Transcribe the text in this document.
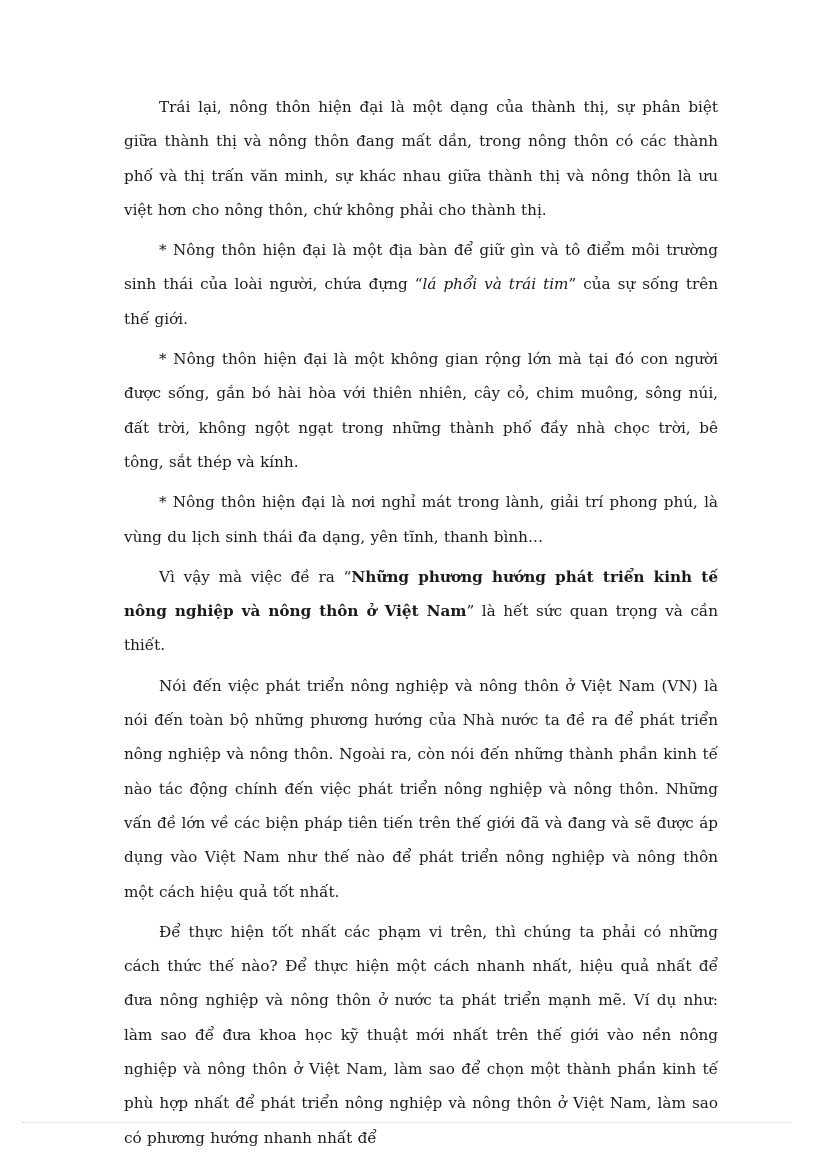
Trái lại, nông thôn hiện đại là một dạng của thành thị, sự phân biệt giữa thành thị và nông thôn đang mất dần, trong nông thôn có các thành phố và thị trấn văn minh, sự khác nhau giữa thành thị và nông thôn là ưu việt hơn cho nông thôn, chứ không phải cho thành thị.

* Nông thôn hiện đại là một địa bàn để giữ gìn và tô điểm môi trường sinh thái của loài người, chứa đựng “lá phổi và trái tim” của sự sống trên thế giới.

* Nông thôn hiện đại là một không gian rộng lớn mà tại đó con người được sống, gắn bó hài hòa với thiên nhiên, cây cỏ, chim muông, sông núi, đất trời, không ngột ngạt trong những thành phố đầy nhà chọc trời, bê tông, sắt thép và kính.

* Nông thôn hiện đại là nơi nghỉ mát trong lành, giải trí phong phú, là vùng du lịch sinh thái đa dạng, yên tĩnh, thanh bình…

Vì vậy mà việc đề ra “Những phương hướng phát triển kinh tế nông nghiệp và nông thôn ở Việt Nam” là hết sức quan trọng và cần thiết.

Nói đến việc phát triển nông nghiệp và nông thôn ở Việt Nam (VN) là nói đến toàn bộ những phương hướng của Nhà nước ta đề ra để phát triển nông nghiệp và nông thôn. Ngoài ra, còn nói đến những thành phần kinh tế nào tác động chính đến việc phát triển nông nghiệp và nông thôn. Những vấn đề lớn về các biện pháp tiên tiến trên thế giới đã và đang và sẽ được áp dụng vào Việt Nam như thế nào để phát triển nông nghiệp và nông thôn một cách hiệu quả tốt nhất.

Để thực hiện tốt nhất các phạm vi trên, thì chúng ta phải có những cách thức thế nào? Để thực hiện một cách nhanh nhất, hiệu quả nhất để đưa nông nghiệp và nông thôn ở nước ta phát triển mạnh mẽ. Ví dụ như: làm sao để đưa khoa học kỹ thuật mới nhất trên thế giới vào nền nông nghiệp và nông thôn ở Việt Nam, làm sao để chọn một thành phần kinh tế phù hợp nhất để phát triển nông nghiệp và nông thôn ở Việt Nam, làm sao có phương hướng nhanh nhất để
